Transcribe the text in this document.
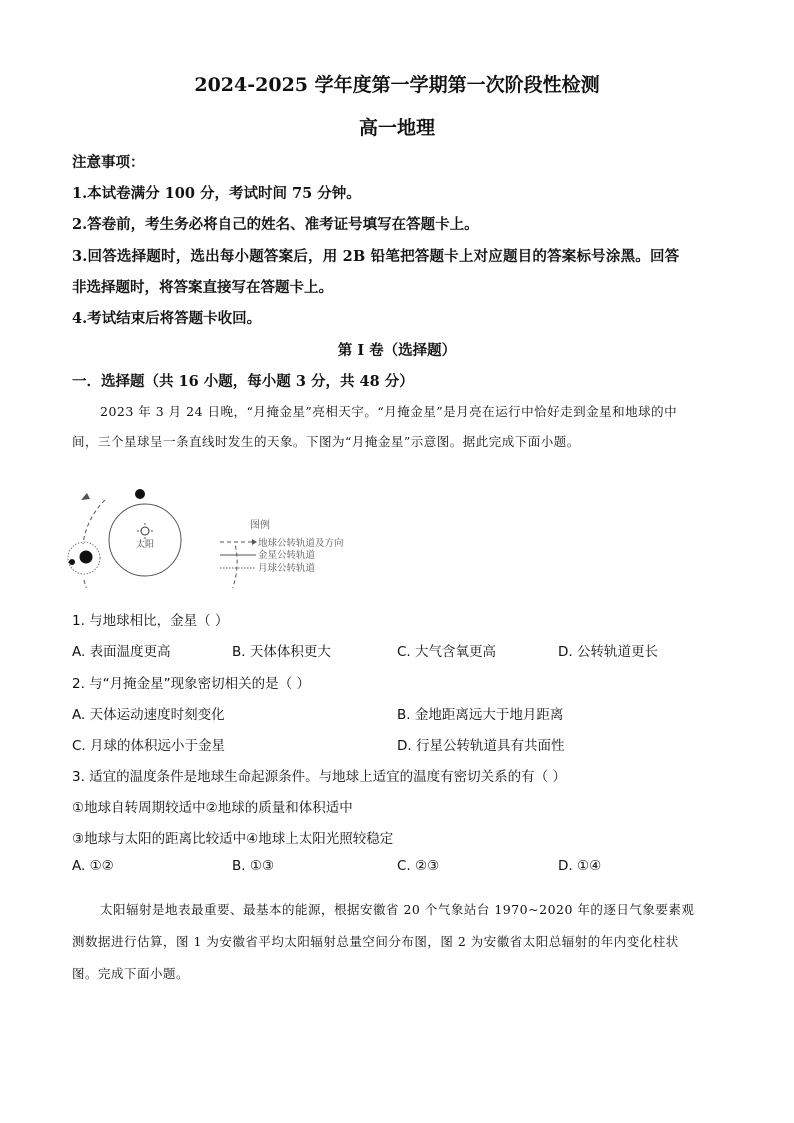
2024-2025 学年度第一学期第一次阶段性检测
高一地理
注意事项：
1.本试卷满分 100 分，考试时间 75 分钟。
2.答卷前，考生务必将自己的姓名、准考证号填写在答题卡上。
3.回答选择题时，选出每小题答案后，用 2B 铅笔把答题卡上对应题目的答案标号涂黑。回答
非选择题时，将答案直接写在答题卡上。
4.考试结束后将答题卡收回。
第 I 卷（选择题）
一．选择题（共 16 小题，每小题 3 分，共 48 分）
2023 年 3 月 24 日晚，“月掩金星”亮相天宇。“月掩金星”是月亮在运行中恰好走到金星和地球的中
间，三个星球呈一条直线时发生的天象。下图为“月掩金星”示意图。据此完成下面小题。
太阳
图例
地球公转轨道及方向
金星公转轨道
月球公转轨道
1. 与地球相比，金星（ ）
A. 表面温度更高	B. 天体体积更大	C. 大气含氧更高	D. 公转轨道更长
2. 与“月掩金星”现象密切相关的是（ ）
A. 天体运动速度时刻变化	B. 金地距离远大于地月距离
C. 月球的体积远小于金星	D. 行星公转轨道具有共面性
3. 适宜的温度条件是地球生命起源条件。与地球上适宜的温度有密切关系的有（ ）
①地球自转周期较适中②地球的质量和体积适中
③地球与太阳的距离比较适中④地球上太阳光照较稳定
A. ①②	B. ①③	C. ②③	D. ①④
太阳辐射是地表最重要、最基本的能源，根据安徽省 20 个气象站台 1970~2020 年的逐日气象要素观
测数据进行估算，图 1 为安徽省平均太阳辐射总量空间分布图，图 2 为安徽省太阳总辐射的年内变化柱状
图。完成下面小题。
